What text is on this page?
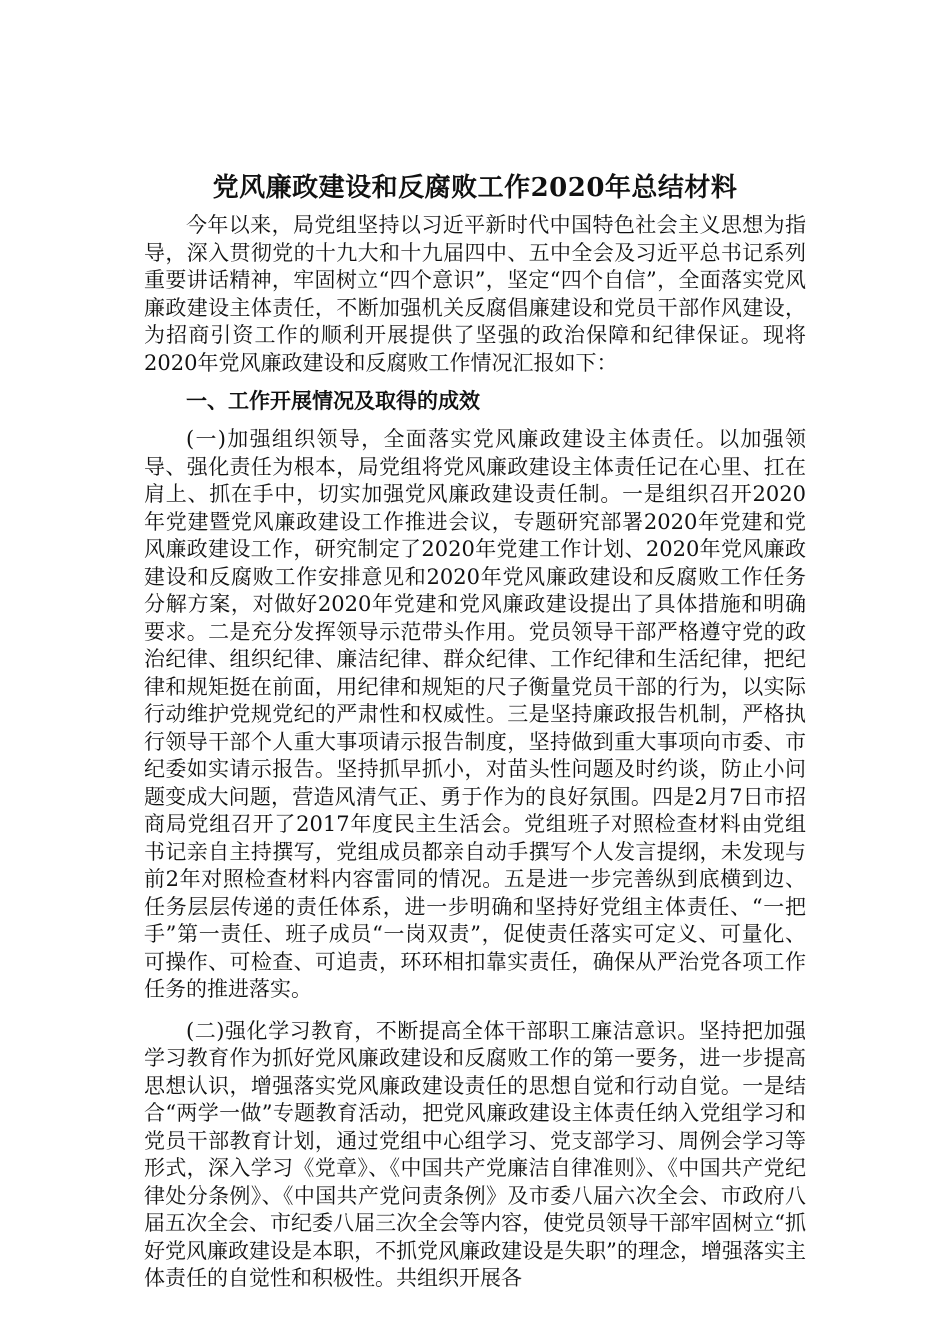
党风廉政建设和反腐败工作2020年总结材料

今年以来，局党组坚持以习近平新时代中国特色社会主义思想为指导，深入贯彻党的十九大和十九届四中、五中全会及习近平总书记系列重要讲话精神，牢固树立“四个意识”，坚定“四个自信”，全面落实党风廉政建设主体责任，不断加强机关反腐倡廉建设和党员干部作风建设，为招商引资工作的顺利开展提供了坚强的政治保障和纪律保证。现将2020年党风廉政建设和反腐败工作情况汇报如下：

一、工作开展情况及取得的成效

(一)加强组织领导，全面落实党风廉政建设主体责任。以加强领导、强化责任为根本，局党组将党风廉政建设主体责任记在心里、扛在肩上、抓在手中，切实加强党风廉政建设责任制。一是组织召开2020年党建暨党风廉政建设工作推进会议，专题研究部署2020年党建和党风廉政建设工作，研究制定了2020年党建工作计划、2020年党风廉政建设和反腐败工作安排意见和2020年党风廉政建设和反腐败工作任务分解方案，对做好2020年党建和党风廉政建设提出了具体措施和明确要求。二是充分发挥领导示范带头作用。党员领导干部严格遵守党的政治纪律、组织纪律、廉洁纪律、群众纪律、工作纪律和生活纪律，把纪律和规矩挺在前面，用纪律和规矩的尺子衡量党员干部的行为，以实际行动维护党规党纪的严肃性和权威性。三是坚持廉政报告机制，严格执行领导干部个人重大事项请示报告制度，坚持做到重大事项向市委、市纪委如实请示报告。坚持抓早抓小，对苗头性问题及时约谈，防止小问题变成大问题，营造风清气正、勇于作为的良好氛围。四是2月7日市招商局党组召开了2017年度民主生活会。党组班子对照检查材料由党组书记亲自主持撰写，党组成员都亲自动手撰写个人发言提纲，未发现与前2年对照检查材料内容雷同的情况。五是进一步完善纵到底横到边、任务层层传递的责任体系，进一步明确和坚持好党组主体责任、“一把手”第一责任、班子成员“一岗双责”，促使责任落实可定义、可量化、可操作、可检查、可追责，环环相扣靠实责任，确保从严治党各项工作任务的推进落实。

(二)强化学习教育，不断提高全体干部职工廉洁意识。坚持把加强学习教育作为抓好党风廉政建设和反腐败工作的第一要务，进一步提高思想认识，增强落实党风廉政建设责任的思想自觉和行动自觉。一是结合“两学一做”专题教育活动，把党风廉政建设主体责任纳入党组学习和党员干部教育计划，通过党组中心组学习、党支部学习、周例会学习等形式，深入学习《党章》、《中国共产党廉洁自律准则》、《中国共产党纪律处分条例》、《中国共产党问责条例》及市委八届六次全会、市政府八届五次全会、市纪委八届三次全会等内容，使党员领导干部牢固树立“抓好党风廉政建设是本职，不抓党风廉政建设是失职”的理念，增强落实主体责任的自觉性和积极性。共组织开展各
